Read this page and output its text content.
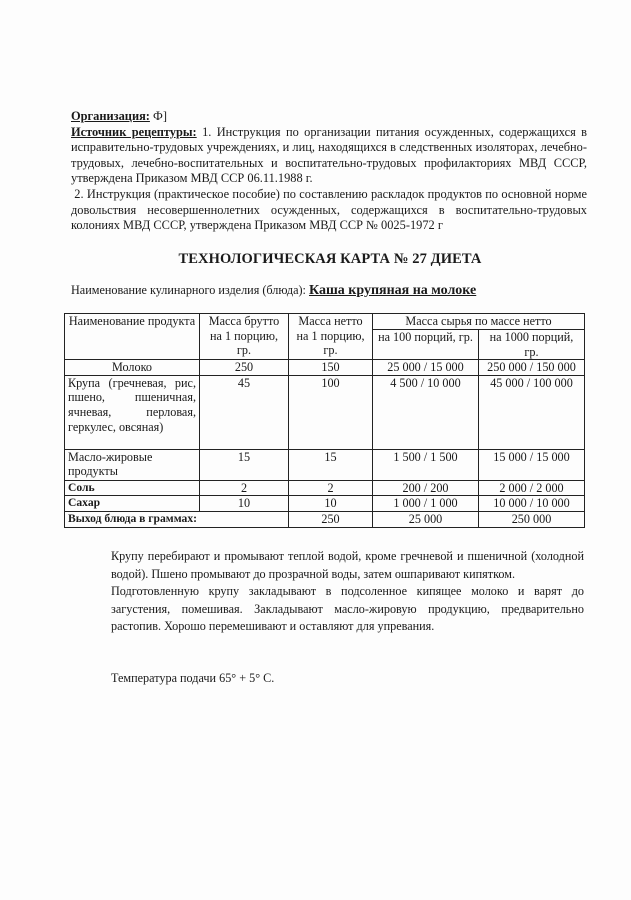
Организация: Ф]

Источник рецептуры: 1. Инструкция по организации питания осужденных, содержащихся в исправительно-трудовых учреждениях, и лиц, находящихся в следственных изоляторах, лечебно-трудовых, лечебно-воспитательных и воспитательно-трудовых профилакториях МВД СССР, утверждена Приказом МВД ССР 06.11.1988 г.

2. Инструкция (практическое пособие) по составлению раскладок продуктов по основной норме довольствия несовершеннолетних осужденных, содержащихся в воспитательно-трудовых колониях МВД СССР, утверждена Приказом МВД ССР № 0025-1972 г

ТЕХНОЛОГИЧЕСКАЯ КАРТА № 27 ДИЕТА
Наименование кулинарного изделия (блюда): Каша крупяная на молоке
Наименование продукта	Масса брутто на 1 порцию, гр.	Масса нетто на 1 порцию, гр.	Масса сырья по массе нетто	
			на 100 порций, гр.	на 1000 порций, гр.
Молоко	250	150	25 000 / 15 000	250 000 / 150 000
Крупа (гречневая, рис, пшено, пшеничная, ячневая, перловая, геркулес, овсяная)	45	100	4 500 / 10 000	45 000 / 100 000
Масло-жировые продукты	15	15	1 500 / 1 500	15 000 / 15 000
Соль	2	2	200 / 200	2 000 / 2 000
Сахар	10	10	1 000 / 1 000	10 000 / 10 000
Выход блюда в граммах:		250	25 000	250 000

Крупу перебирают и промывают теплой водой, кроме гречневой и пшеничной (холодной водой). Пшено промывают до прозрачной воды, затем ошпаривают кипятком.

Подготовленную крупу закладывают в подсоленное кипящее молоко и варят до загустения, помешивая. Закладывают масло-жировую продукцию, предварительно растопив. Хорошо перемешивают и оставляют для упревания.

Температура подачи 65° + 5° С.
